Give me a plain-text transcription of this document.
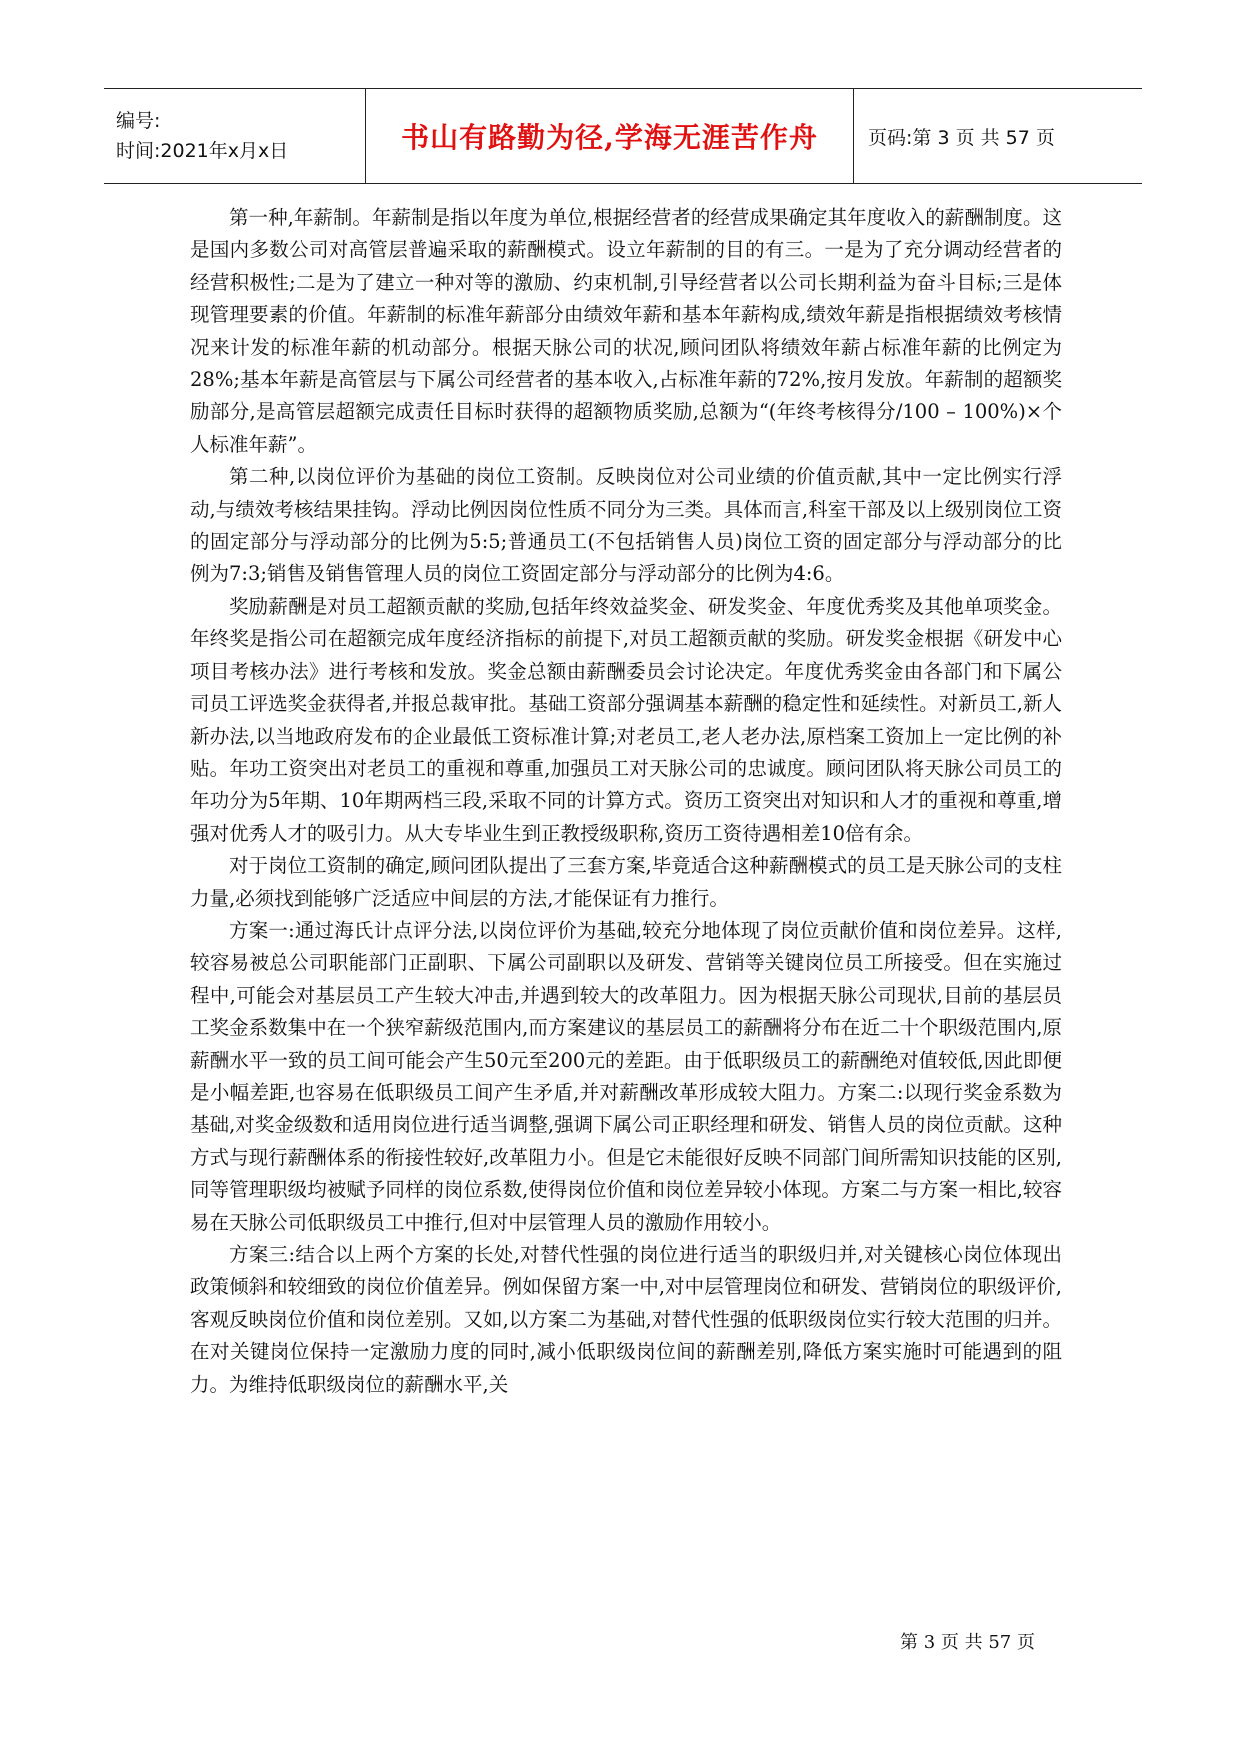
编号:
时间:2021年x月x日	书山有路勤为径,学海无涯苦作舟	页码:第 3 页 共 57 页

第一种,年薪制。年薪制是指以年度为单位,根据经营者的经营成果确定其年度收入的薪酬制度。这是国内多数公司对高管层普遍采取的薪酬模式。设立年薪制的目的有三。一是为了充分调动经营者的经营积极性;二是为了建立一种对等的激励、约束机制,引导经营者以公司长期利益为奋斗目标;三是体现管理要素的价值。年薪制的标准年薪部分由绩效年薪和基本年薪构成,绩效年薪是指根据绩效考核情况来计发的标准年薪的机动部分。根据天脉公司的状况,顾问团队将绩效年薪占标准年薪的比例定为28%;基本年薪是高管层与下属公司经营者的基本收入,占标准年薪的72%,按月发放。年薪制的超额奖励部分,是高管层超额完成责任目标时获得的超额物质奖励,总额为“(年终考核得分/100 – 100%)×个人标准年薪”。

第二种,以岗位评价为基础的岗位工资制。反映岗位对公司业绩的价值贡献,其中一定比例实行浮动,与绩效考核结果挂钩。浮动比例因岗位性质不同分为三类。具体而言,科室干部及以上级别岗位工资的固定部分与浮动部分的比例为5:5;普通员工(不包括销售人员)岗位工资的固定部分与浮动部分的比例为7:3;销售及销售管理人员的岗位工资固定部分与浮动部分的比例为4:6。

奖励薪酬是对员工超额贡献的奖励,包括年终效益奖金、研发奖金、年度优秀奖及其他单项奖金。年终奖是指公司在超额完成年度经济指标的前提下,对员工超额贡献的奖励。研发奖金根据《研发中心项目考核办法》进行考核和发放。奖金总额由薪酬委员会讨论决定。年度优秀奖金由各部门和下属公司员工评选奖金获得者,并报总裁审批。基础工资部分强调基本薪酬的稳定性和延续性。对新员工,新人新办法,以当地政府发布的企业最低工资标准计算;对老员工,老人老办法,原档案工资加上一定比例的补贴。年功工资突出对老员工的重视和尊重,加强员工对天脉公司的忠诚度。顾问团队将天脉公司员工的年功分为5年期、10年期两档三段,采取不同的计算方式。资历工资突出对知识和人才的重视和尊重,增强对优秀人才的吸引力。从大专毕业生到正教授级职称,资历工资待遇相差10倍有余。

对于岗位工资制的确定,顾问团队提出了三套方案,毕竟适合这种薪酬模式的员工是天脉公司的支柱力量,必须找到能够广泛适应中间层的方法,才能保证有力推行。

方案一:通过海氏计点评分法,以岗位评价为基础,较充分地体现了岗位贡献价值和岗位差异。这样,较容易被总公司职能部门正副职、下属公司副职以及研发、营销等关键岗位员工所接受。但在实施过程中,可能会对基层员工产生较大冲击,并遇到较大的改革阻力。因为根据天脉公司现状,目前的基层员工奖金系数集中在一个狭窄薪级范围内,而方案建议的基层员工的薪酬将分布在近二十个职级范围内,原薪酬水平一致的员工间可能会产生50元至200元的差距。由于低职级员工的薪酬绝对值较低,因此即便是小幅差距,也容易在低职级员工间产生矛盾,并对薪酬改革形成较大阻力。方案二:以现行奖金系数为基础,对奖金级数和适用岗位进行适当调整,强调下属公司正职经理和研发、销售人员的岗位贡献。这种方式与现行薪酬体系的衔接性较好,改革阻力小。但是它未能很好反映不同部门间所需知识技能的区别,同等管理职级均被赋予同样的岗位系数,使得岗位价值和岗位差异较小体现。方案二与方案一相比,较容易在天脉公司低职级员工中推行,但对中层管理人员的激励作用较小。

方案三:结合以上两个方案的长处,对替代性强的岗位进行适当的职级归并,对关键核心岗位体现出政策倾斜和较细致的岗位价值差异。例如保留方案一中,对中层管理岗位和研发、营销岗位的职级评价,客观反映岗位价值和岗位差别。又如,以方案二为基础,对替代性强的低职级岗位实行较大范围的归并。在对关键岗位保持一定激励力度的同时,减小低职级岗位间的薪酬差别,降低方案实施时可能遇到的阻力。为维持低职级岗位的薪酬水平,关

第 3 页 共 57 页
